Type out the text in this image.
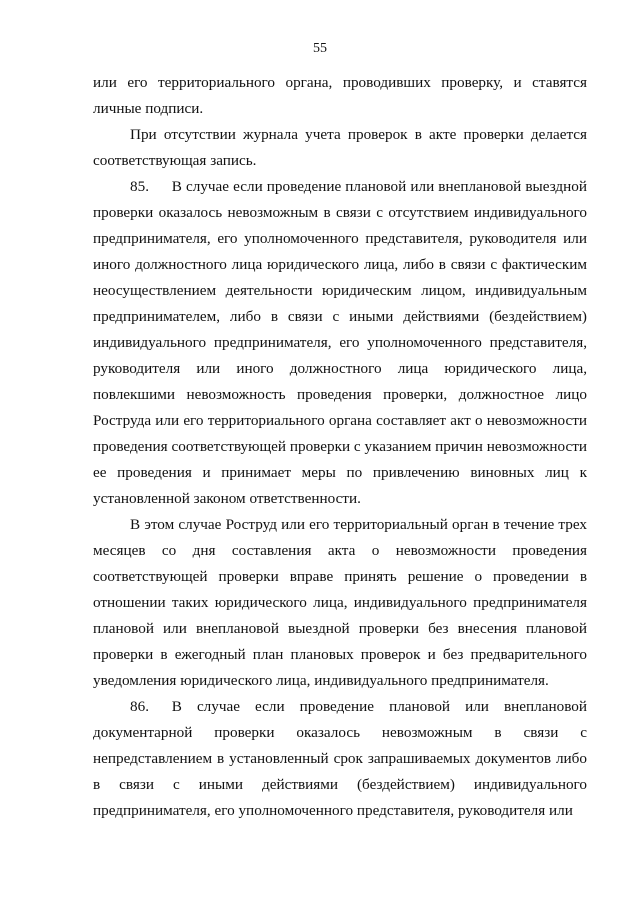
55

или его территориального органа, проводивших проверку, и ставятся личные подписи.

При отсутствии журнала учета проверок в акте проверки делается соответствующая запись.

85.  В случае если проведение плановой или внеплановой выездной проверки оказалось невозможным в связи с отсутствием индивидуального предпринимателя, его уполномоченного представителя, руководителя или иного должностного лица юридического лица, либо в связи с фактическим неосуществлением деятельности юридическим лицом, индивидуальным предпринимателем, либо в связи с иными действиями (бездействием) индивидуального предпринимателя, его уполномоченного представителя, руководителя или иного должностного лица юридического лица, повлекшими невозможность проведения проверки, должностное лицо Роструда или его территориального органа составляет акт о невозможности проведения соответствующей проверки с указанием причин невозможности ее проведения и принимает меры по привлечению виновных лиц к установленной законом ответственности.

В этом случае Роструд или его территориальный орган в течение трех месяцев со дня составления акта о невозможности проведения соответствующей проверки вправе принять решение о проведении в отношении таких юридического лица, индивидуального предпринимателя плановой или внеплановой выездной проверки без внесения плановой проверки в ежегодный план плановых проверок и без предварительного уведомления юридического лица, индивидуального предпринимателя.

86.  В случае если проведение плановой или внеплановой документарной проверки оказалось невозможным в связи с непредставлением в установленный срок запрашиваемых документов либо в связи с иными действиями (бездействием) индивидуального предпринимателя, его уполномоченного представителя, руководителя или
